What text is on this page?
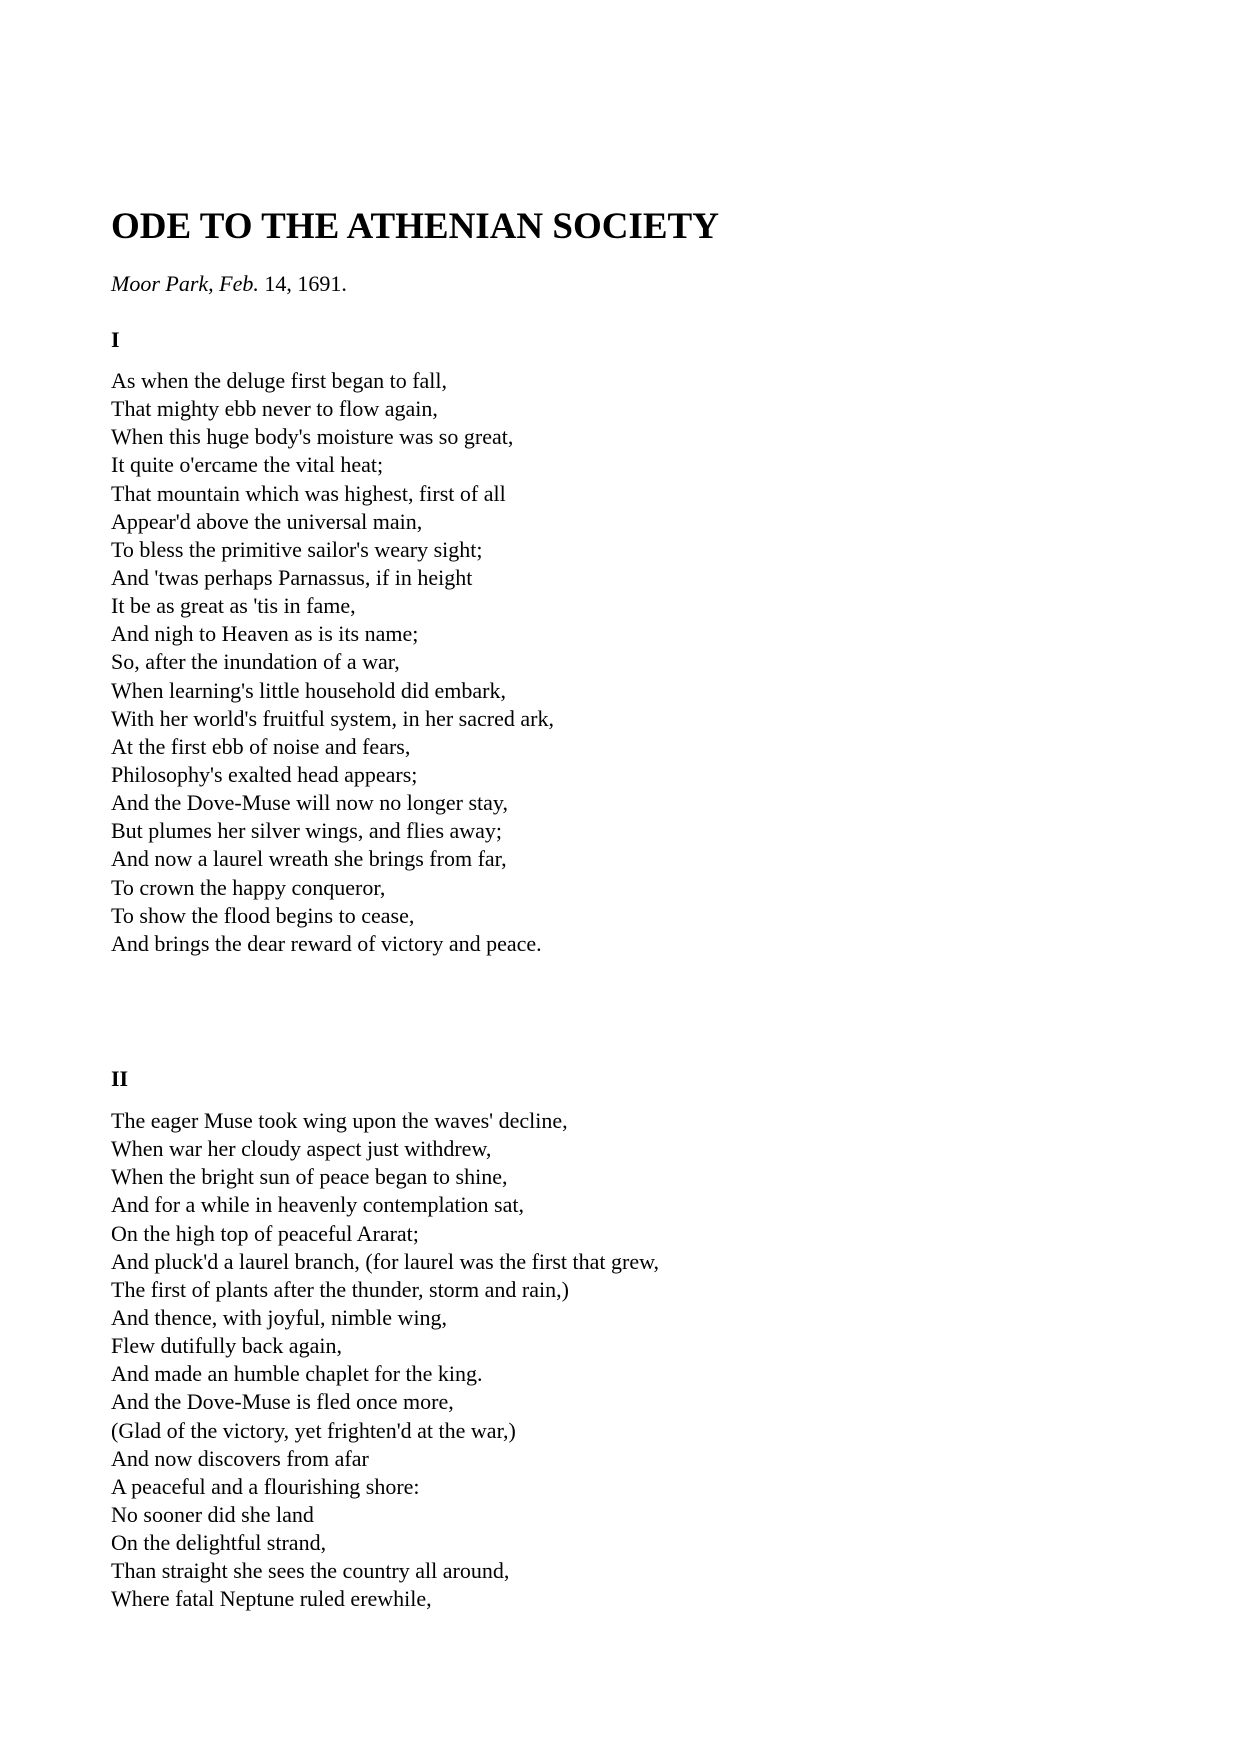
ODE TO THE ATHENIAN SOCIETY

Moor Park, Feb. 14, 1691.

I
As when the deluge first began to fall,
That mighty ebb never to flow again,
When this huge body's moisture was so great,
It quite o'ercame the vital heat;
That mountain which was highest, first of all
Appear'd above the universal main,
To bless the primitive sailor's weary sight;
And 'twas perhaps Parnassus, if in height
It be as great as 'tis in fame,
And nigh to Heaven as is its name;
So, after the inundation of a war,
When learning's little household did embark,
With her world's fruitful system, in her sacred ark,
At the first ebb of noise and fears,
Philosophy's exalted head appears;
And the Dove-Muse will now no longer stay,
But plumes her silver wings, and flies away;
And now a laurel wreath she brings from far,
To crown the happy conqueror,
To show the flood begins to cease,
And brings the dear reward of victory and peace.
II
The eager Muse took wing upon the waves' decline,
When war her cloudy aspect just withdrew,
When the bright sun of peace began to shine,
And for a while in heavenly contemplation sat,
On the high top of peaceful Ararat;
And pluck'd a laurel branch, (for laurel was the first that grew,
The first of plants after the thunder, storm and rain,)
And thence, with joyful, nimble wing,
Flew dutifully back again,
And made an humble chaplet for the king.
And the Dove-Muse is fled once more,
(Glad of the victory, yet frighten'd at the war,)
And now discovers from afar
A peaceful and a flourishing shore:
No sooner did she land
On the delightful strand,
Than straight she sees the country all around,
Where fatal Neptune ruled erewhile,
